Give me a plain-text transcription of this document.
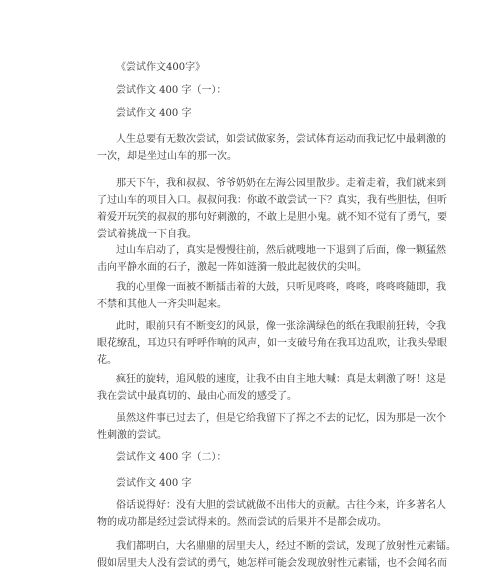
《尝试作文400字》

尝试作文 400 字（一）：

尝试作文 400 字

人生总要有无数次尝试，如尝试做家务，尝试体育运动而我记忆中最刺激的
一次，却是坐过山车的那一次。
那天下午，我和叔叔、爷爷奶奶在左海公园里散步。走着走着，我们就来到
了过山车的项目入口。叔叔问我：你敢不敢尝试一下？真实，我有些胆怯，但听
着爱开玩笑的叔叔的那句好刺激的，不敢上是胆小鬼。就不知不觉有了勇气，要
尝试着挑战一下自我。
过山车启动了，真实是慢慢往前，然后就嗖地一下退到了后面，像一颗猛然
击向平静水面的石子，激起一阵如涟漪一般此起彼伏的尖叫。
我的心里像一面被不断擂击着的大鼓，只听见咚咚，咚咚，咚咚咚随即，我
不禁和其他人一齐尖叫起来。
此时，眼前只有不断变幻的风景，像一张涂满绿色的纸在我眼前狂转，令我
眼花缭乱，耳边只有呼呼作响的风声，如一支破号角在我耳边乱吹，让我头晕眼
花。
疯狂的旋转，追风般的速度，让我不由自主地大喊：真是太刺激了呀！这是
我在尝试中最真切的、最由心而发的感受了。
虽然这件事已过去了，但是它给我留下了挥之不去的记忆，因为那是一次个
性刺激的尝试。

尝试作文 400 字（二）：

尝试作文 400 字

俗话说得好：没有大胆的尝试就做不出伟大的贡献。古往今来，许多著名人
物的成功都是经过尝试得来的。然而尝试的后果并不是都会成功。
我们都明白，大名鼎鼎的居里夫人，经过不断的尝试，发现了放射性元素镭。
假如居里夫人没有尝试的勇气，她怎样可能会发现放射性元素镭，也不会闻名而
